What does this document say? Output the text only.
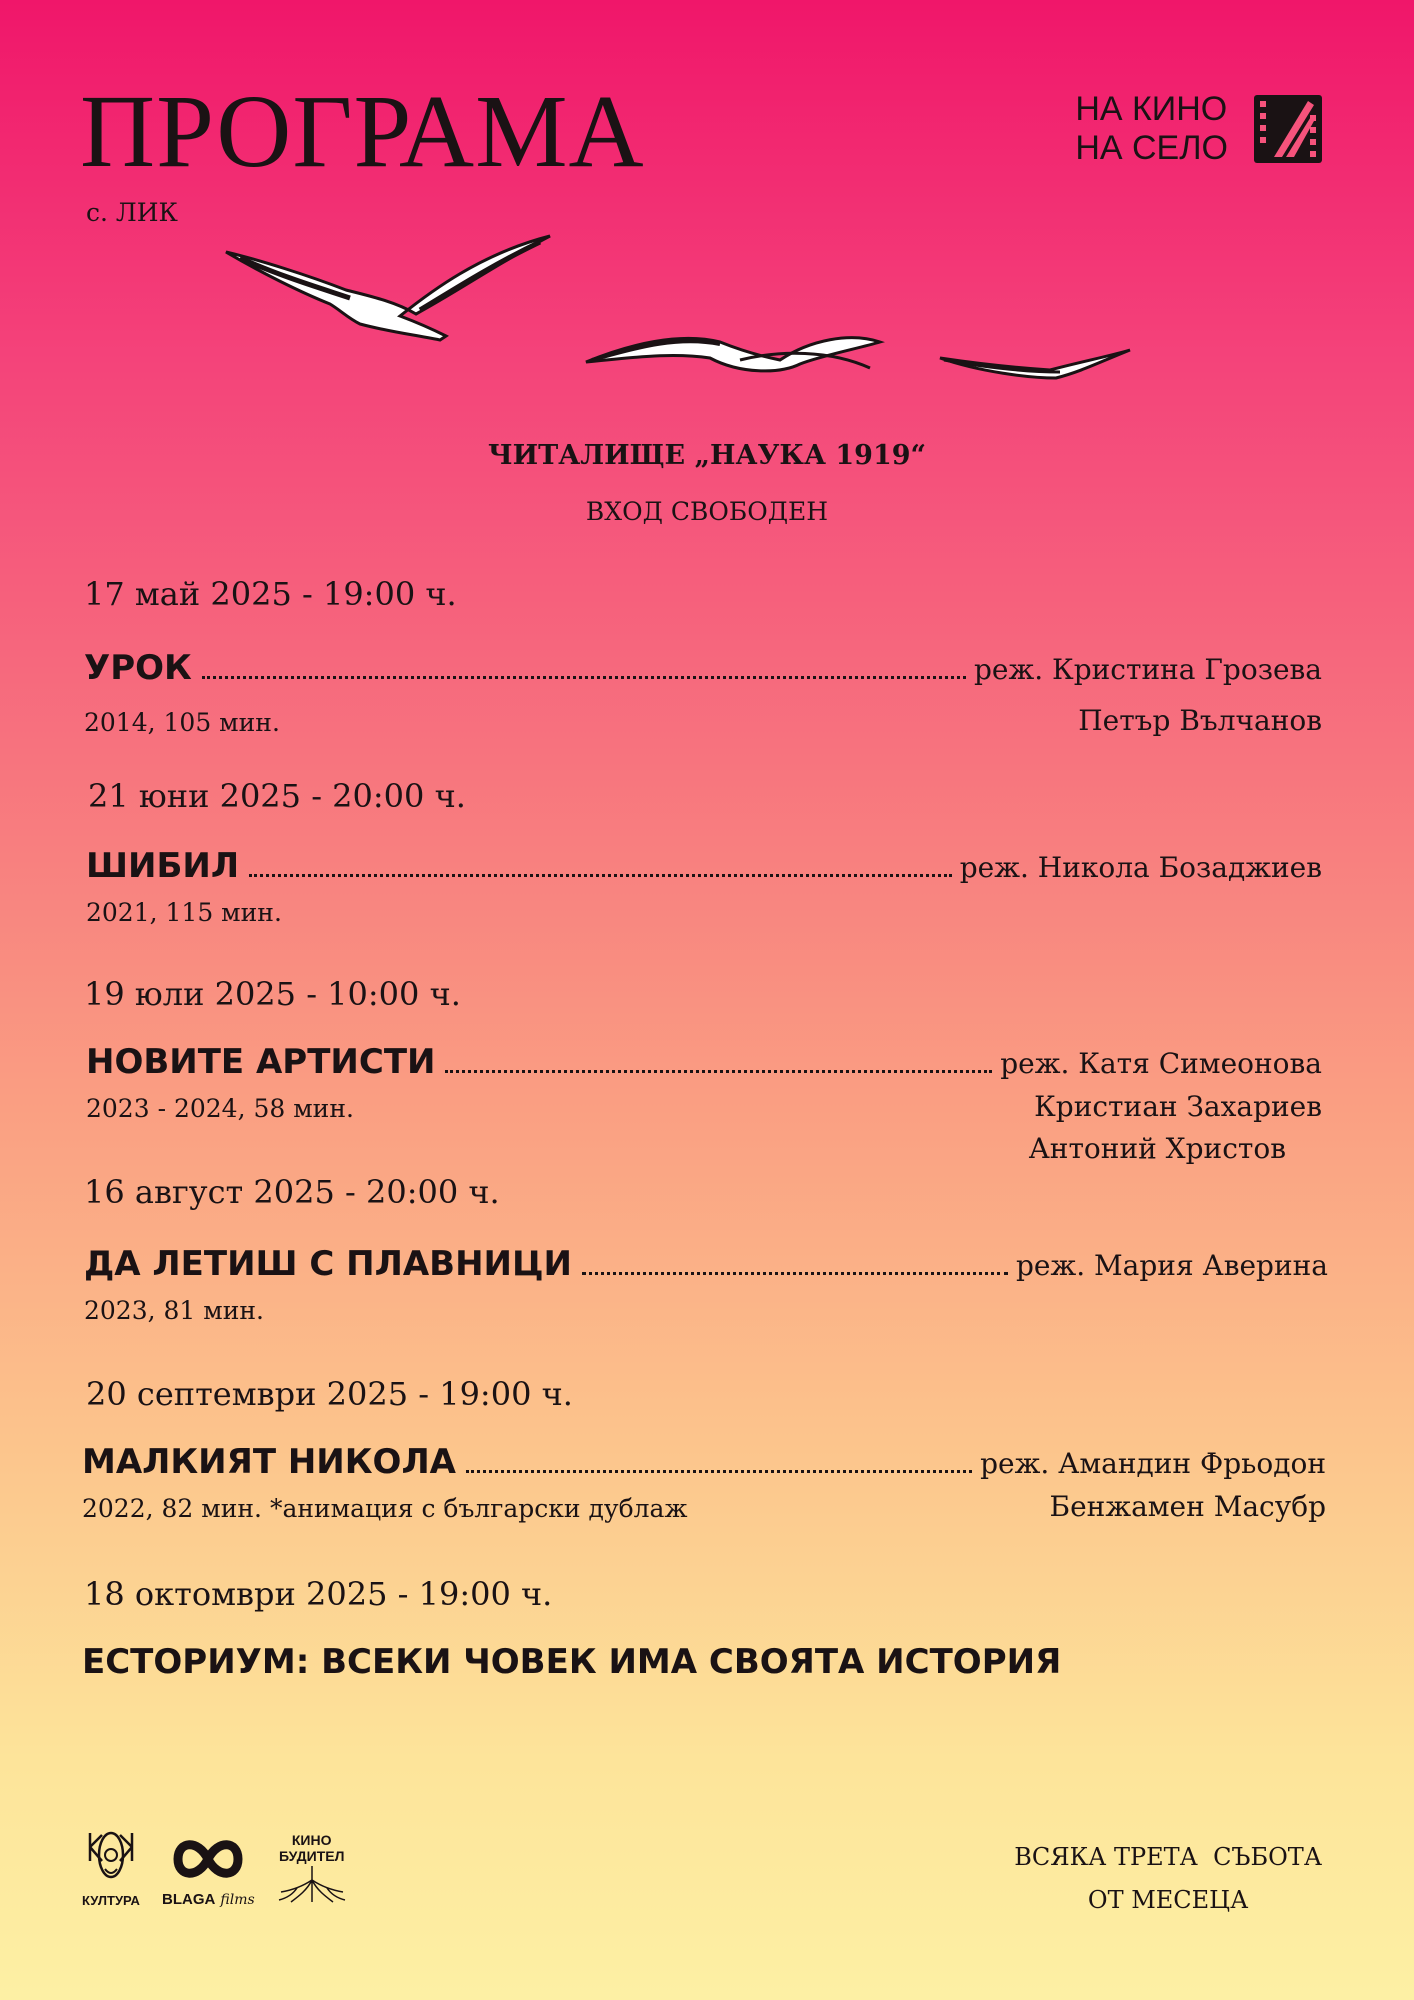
ПРОГРАМА
с. ЛИК
НА КИНО
НА СЕЛО
ЧИТАЛИЩЕ „НАУКА 1919“
ВХОД СВОБОДЕН
17 май 2025 - 19:00 ч.
УРОК	реж. Кристина Грозева
2014, 105 мин.	Петър Вълчанов
21 юни 2025 - 20:00 ч.
ШИБИЛ	реж. Никола Бозаджиев
2021, 115 мин.
19 юли 2025 - 10:00 ч.
НОВИТЕ АРТИСТИ	реж. Катя Симеонова
2023 - 2024, 58 мин.	Кристиан Захариев
Антоний Христов
16 август 2025 - 20:00 ч.
ДА ЛЕТИШ С ПЛАВНИЦИ	реж. Мария Аверина
2023, 81 мин.
20 септември 2025 - 19:00 ч.
МАЛКИЯТ НИКОЛА	реж. Амандин Фрьодон
2022, 82 мин. *анимация с български дублаж	Бенжамен Масубр
18 октомври 2025 - 19:00 ч.
ЕСТОРИУМ: ВСЕКИ ЧОВЕК ИМА СВОЯТА ИСТОРИЯ
КУЛТУРА BLAGA films
КИНО
БУДИТЕЛ	ВСЯКА ТРЕТА  СЪБОТА
ОТ МЕСЕЦА
